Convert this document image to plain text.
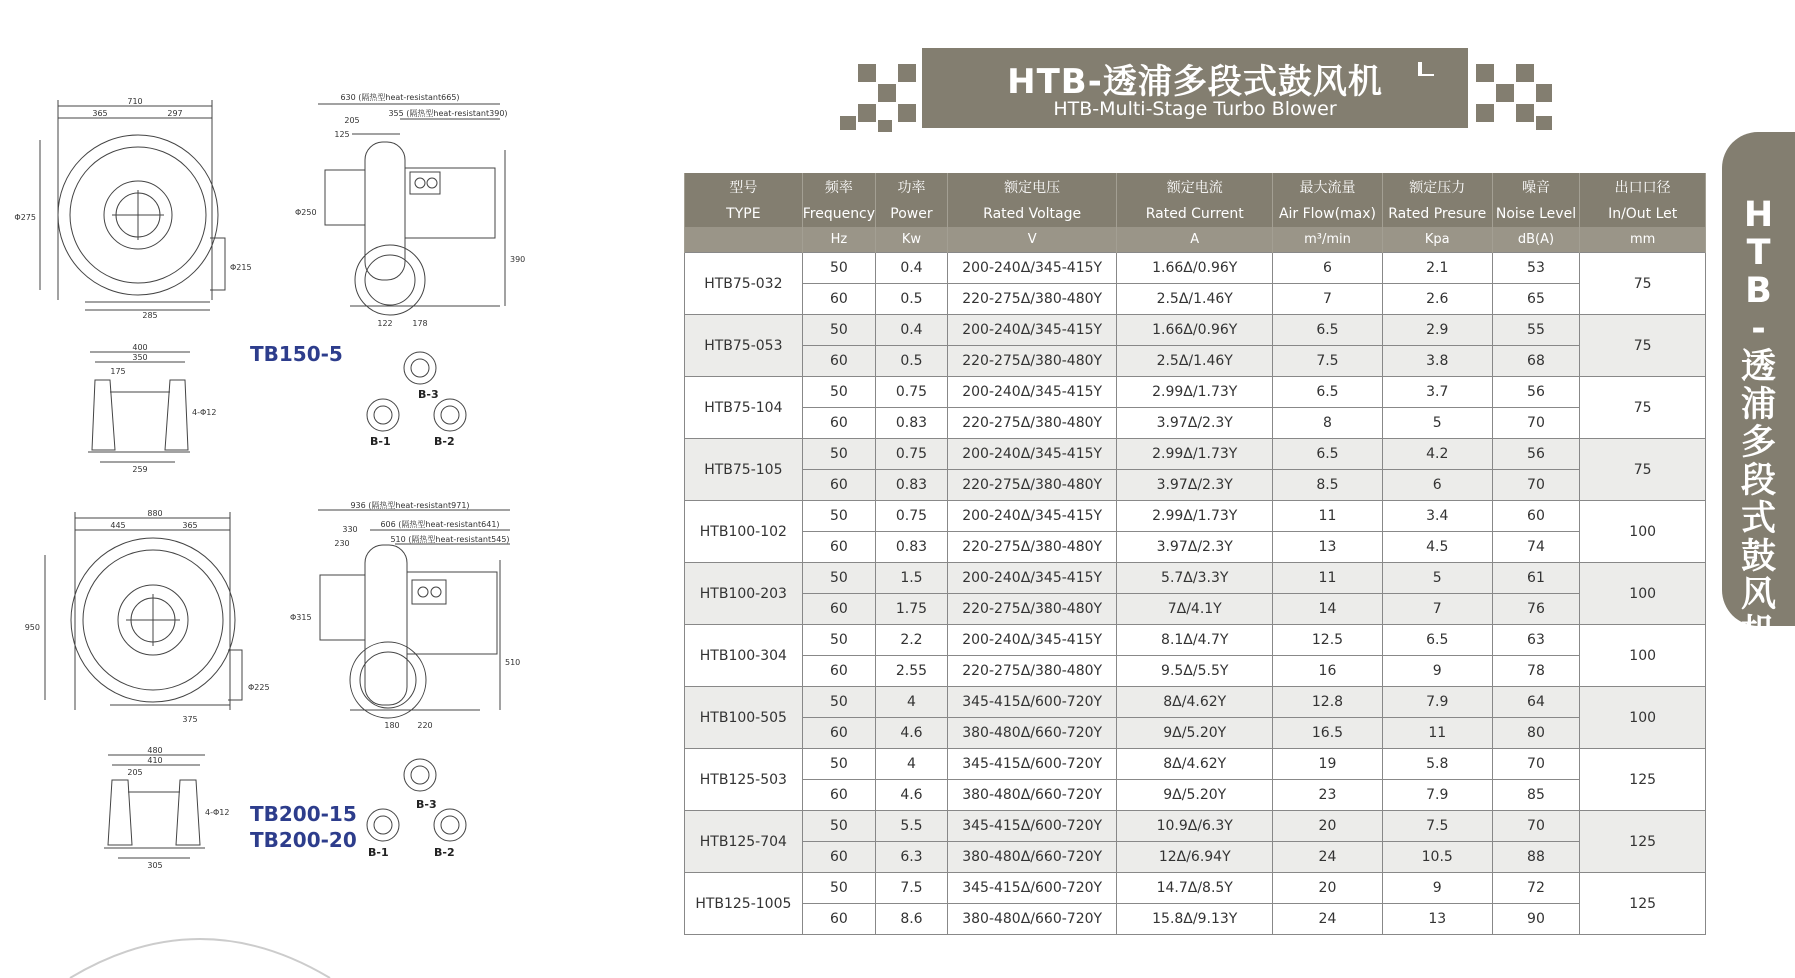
710
365	297
285
Φ275
Φ215
630 (隔热型heat-resistant665)
355 (隔热型heat-resistant390)
205
125
Φ250
390
122 178
400
350
175
259
4-Φ12
B-3
B-1	B-2
880
445	365
375
950
Φ225
936 (隔热型heat-resistant971)
606 (隔热型heat-resistant641)
510 (隔热型heat-resistant545)
330
230
Φ315
510
180 220
480
410
205
305
4-Φ12
B-3
B-1	B-2
TB150-5
TB200-15
TB200-20
HTB-透浦多段式鼓风机
HTB-Multi-Stage Turbo Blower
型号	频率	功率	额定电压	额定电流	最大流量	额定压力	噪音	出口口径
TYPE	Frequency	Power	Rated Voltage	Rated Current	Air Flow(max)	Rated Presure	Noise Level	In/Out Let
	Hz	Kw	V	A	m³/min	Kpa	dB(A)	mm
HTB75-032	50	0.4	200-240Δ/345-415Y	1.66Δ/0.96Y	6	2.1	53	75
	60	0.5	220-275Δ/380-480Y	2.5Δ/1.46Y	7	2.6	65	
HTB75-053	50	0.4	200-240Δ/345-415Y	1.66Δ/0.96Y	6.5	2.9	55	75
	60	0.5	220-275Δ/380-480Y	2.5Δ/1.46Y	7.5	3.8	68	
HTB75-104	50	0.75	200-240Δ/345-415Y	2.99Δ/1.73Y	6.5	3.7	56	75
	60	0.83	220-275Δ/380-480Y	3.97Δ/2.3Y	8	5	70	
HTB75-105	50	0.75	200-240Δ/345-415Y	2.99Δ/1.73Y	6.5	4.2	56	75
	60	0.83	220-275Δ/380-480Y	3.97Δ/2.3Y	8.5	6	70	
HTB100-102	50	0.75	200-240Δ/345-415Y	2.99Δ/1.73Y	11	3.4	60	100
	60	0.83	220-275Δ/380-480Y	3.97Δ/2.3Y	13	4.5	74	
HTB100-203	50	1.5	200-240Δ/345-415Y	5.7Δ/3.3Y	11	5	61	100
	60	1.75	220-275Δ/380-480Y	7Δ/4.1Y	14	7	76	
HTB100-304	50	2.2	200-240Δ/345-415Y	8.1Δ/4.7Y	12.5	6.5	63	100
	60	2.55	220-275Δ/380-480Y	9.5Δ/5.5Y	16	9	78	
HTB100-505	50	4	345-415Δ/600-720Y	8Δ/4.62Y	12.8	7.9	64	100
	60	4.6	380-480Δ/660-720Y	9Δ/5.20Y	16.5	11	80	
HTB125-503	50	4	345-415Δ/600-720Y	8Δ/4.62Y	19	5.8	70	125
	60	4.6	380-480Δ/660-720Y	9Δ/5.20Y	23	7.9	85	
HTB125-704	50	5.5	345-415Δ/600-720Y	10.9Δ/6.3Y	20	7.5	70	125
	60	6.3	380-480Δ/660-720Y	12Δ/6.94Y	24	10.5	88	
HTB125-1005	50	7.5	345-415Δ/600-720Y	14.7Δ/8.5Y	20	9	72	125
	60	8.6	380-480Δ/660-720Y	15.8Δ/9.13Y	24	13	90	
H
T
B
-
透
浦
多
段
式
鼓
风
机
